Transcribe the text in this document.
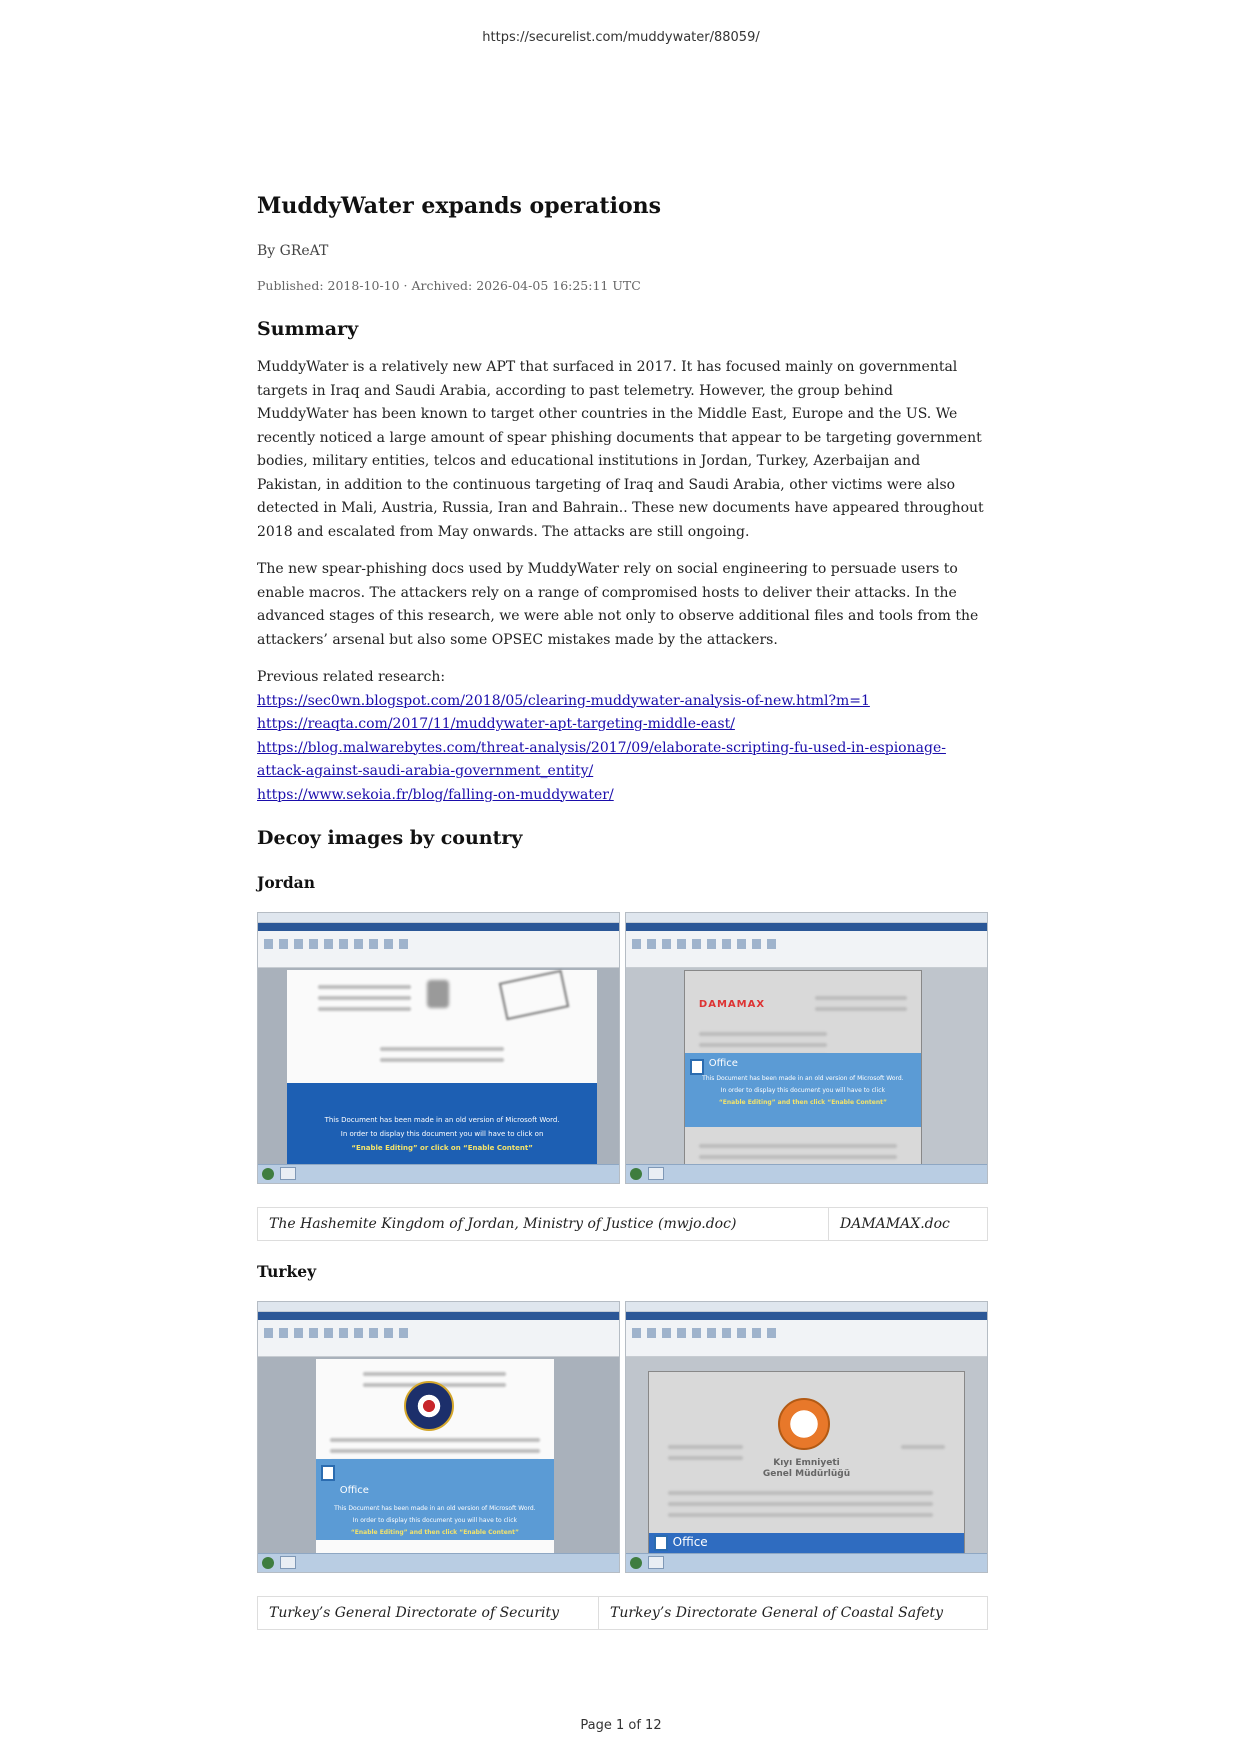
https://securelist.com/muddywater/88059/
MuddyWater expands operations
By GReAT
Published: 2018-10-10 · Archived: 2026-04-05 16:25:11 UTC
Summary

MuddyWater is a relatively new APT that surfaced in 2017. It has focused mainly on governmental targets in Iraq and Saudi Arabia, according to past telemetry. However, the group behind MuddyWater has been known to target other countries in the Middle East, Europe and the US. We recently noticed a large amount of spear phishing documents that appear to be targeting government bodies, military entities, telcos and educational institutions in Jordan, Turkey, Azerbaijan and Pakistan, in addition to the continuous targeting of Iraq and Saudi Arabia, other victims were also detected in Mali, Austria, Russia, Iran and Bahrain.. These new documents have appeared throughout 2018 and escalated from May onwards. The attacks are still ongoing.

The new spear-phishing docs used by MuddyWater rely on social engineering to persuade users to enable macros. The attackers rely on a range of compromised hosts to deliver their attacks. In the advanced stages of this research, we were able not only to observe additional files and tools from the attackers’ arsenal but also some OPSEC mistakes made by the attackers.

Previous related research:
https://sec0wn.blogspot.com/2018/05/clearing-muddywater-analysis-of-new.html?m=1
https://reaqta.com/2017/11/muddywater-apt-targeting-middle-east/
https://blog.malwarebytes.com/threat-analysis/2017/09/elaborate-scripting-fu-used-in-espionage-attack-against-saudi-arabia-government_entity/
https://www.sekoia.fr/blog/falling-on-muddywater/
Decoy images by country
Jordan
This Document has been made in an old version of Microsoft Word.
In order to display this document you will have to click on
“Enable Editing” or click on “Enable Content”
DAMAMAX
Office
This Document has been made in an old version of Microsoft Word.
In order to display this document you will have to click
“Enable Editing” and then click “Enable Content”
The Hashemite Kingdom of Jordan, Ministry of Justice (mwjo.doc)	DAMAMAX.doc
Turkey
Office
This Document has been made in an old version of Microsoft Word.
In order to display this document you will have to click
“Enable Editing” and then click “Enable Content”
Kıyı Emniyeti
Genel Müdürlüğü
Office
Turkey’s General Directorate of Security	Turkey’s Directorate General of Coastal Safety
Page 1 of 12
